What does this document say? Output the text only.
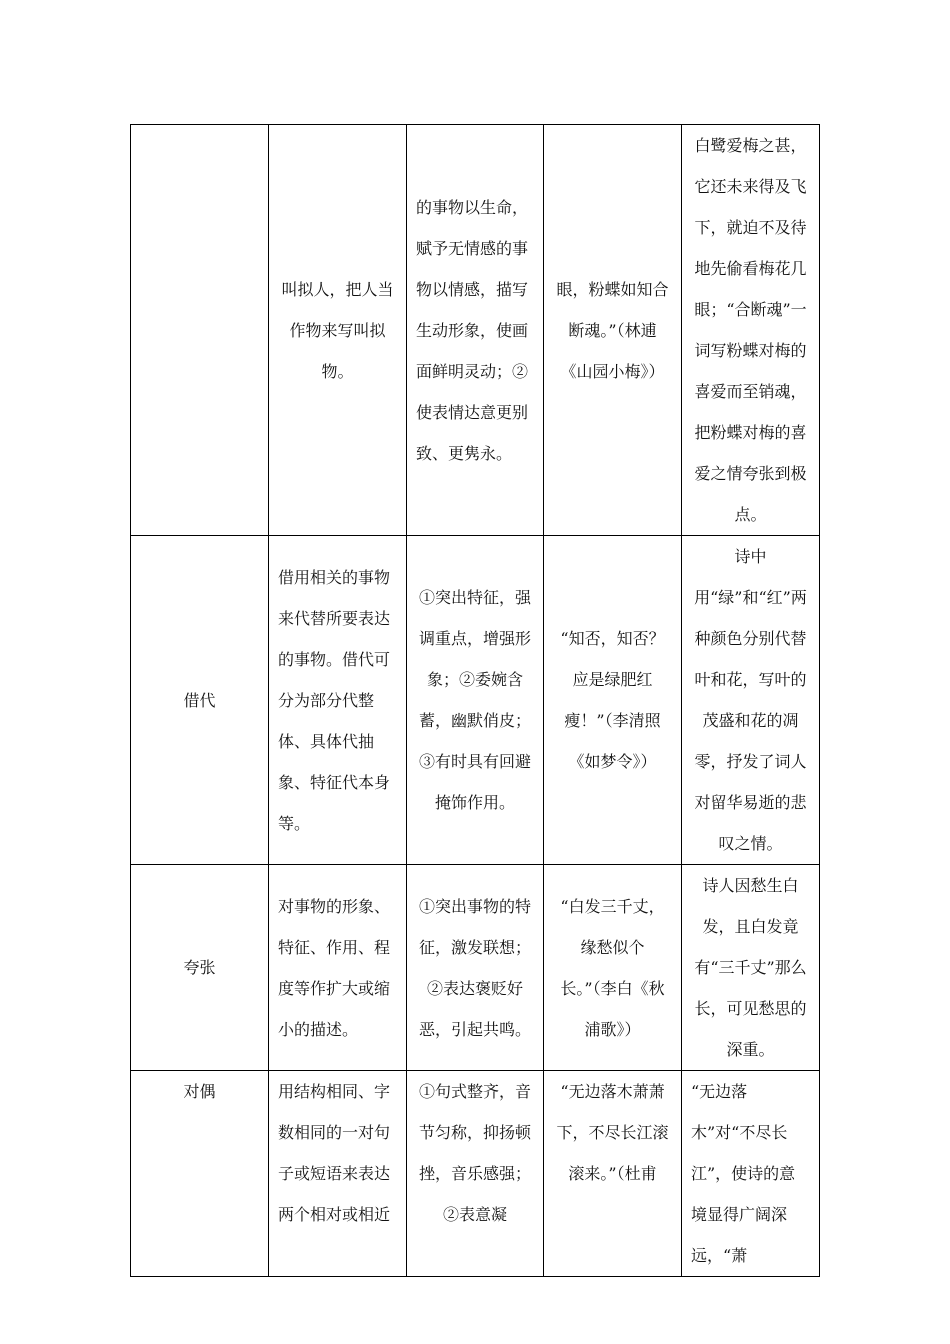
	叫拟人，把人当作物来写叫拟物。	的事物以生命，赋予无情感的事物以情感，描写生动形象，使画面鲜明灵动；②使表情达意更别致、更隽永。	眼，粉蝶如知合断魂。”（林逋《山园小梅》）	白鹭爱梅之甚，它还未来得及飞下，就迫不及待地先偷看梅花几眼；“合断魂”一词写粉蝶对梅的喜爱而至销魂，把粉蝶对梅的喜爱之情夸张到极点。
借代	借用相关的事物来代替所要表达的事物。借代可分为部分代整体、具体代抽象、特征代本身等。	①突出特征，强调重点，增强形象；②委婉含蓄，幽默俏皮；③有时具有回避掩饰作用。	“知否，知否？应是绿肥红瘦！”（李清照《如梦令》）	诗中用“绿”和“红”两种颜色分别代替叶和花，写叶的茂盛和花的凋零，抒发了词人对留华易逝的悲叹之情。
夸张	对事物的形象、特征、作用、程度等作扩大或缩小的描述。	①突出事物的特征，激发联想；②表达褒贬好恶，引起共鸣。	“白发三千丈，缘愁似个长。”（李白《秋浦歌》）	诗人因愁生白发，且白发竟有“三千丈”那么长，可见愁思的深重。
对偶	用结构相同、字数相同的一对句子或短语来表达两个相对或相近	①句式整齐，音节匀称，抑扬顿挫，音乐感强；②表意凝	“无边落木萧萧下，不尽长江滚滚来。”（杜甫	“无边落木”对“不尽长江”，使诗的意境显得广阔深远，“萧
